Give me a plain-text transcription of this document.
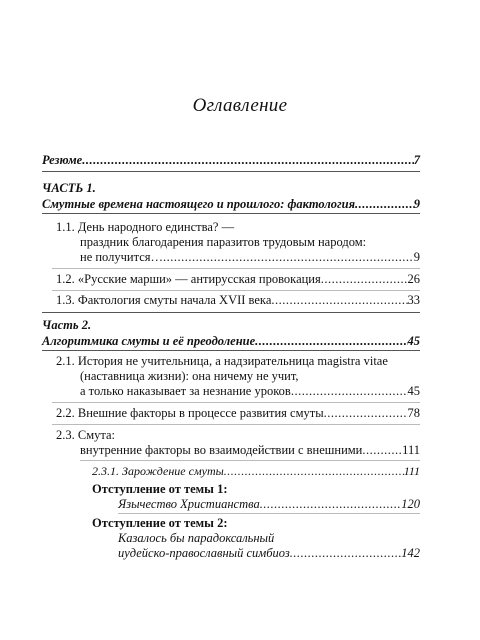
Оглавление
Резюме .....	7
ЧАСТЬ 1.
Смутные времена настоящего и прошлого: фактология .....	9
1.1. День народного единства? —
праздник благодарения паразитов трудовым народом:
не получится… .....	9
1.2. «Русские марши» — антирусская провокация .....	26
1.3. Фактология смуты начала XVII века .....	33
Часть 2.
Алгоритмика смуты и её преодоление .....	45
2.1. История не учительница, а надзирательница magistra vitae
(наставница жизни): она ничему не учит,
а только наказывает за незнание уроков .....	45
2.2. Внешние факторы в процессе развития смуты .....	78
2.3. Смута:
внутренние факторы во взаимодействии с внешними .....	111
2.3.1. Зарождение смуты .....	111
Отступление от темы 1:
Язычество Христианства .....	120
Отступление от темы 2:
Казалось бы парадоксальный
иудейско-православный симбиоз .....	142
